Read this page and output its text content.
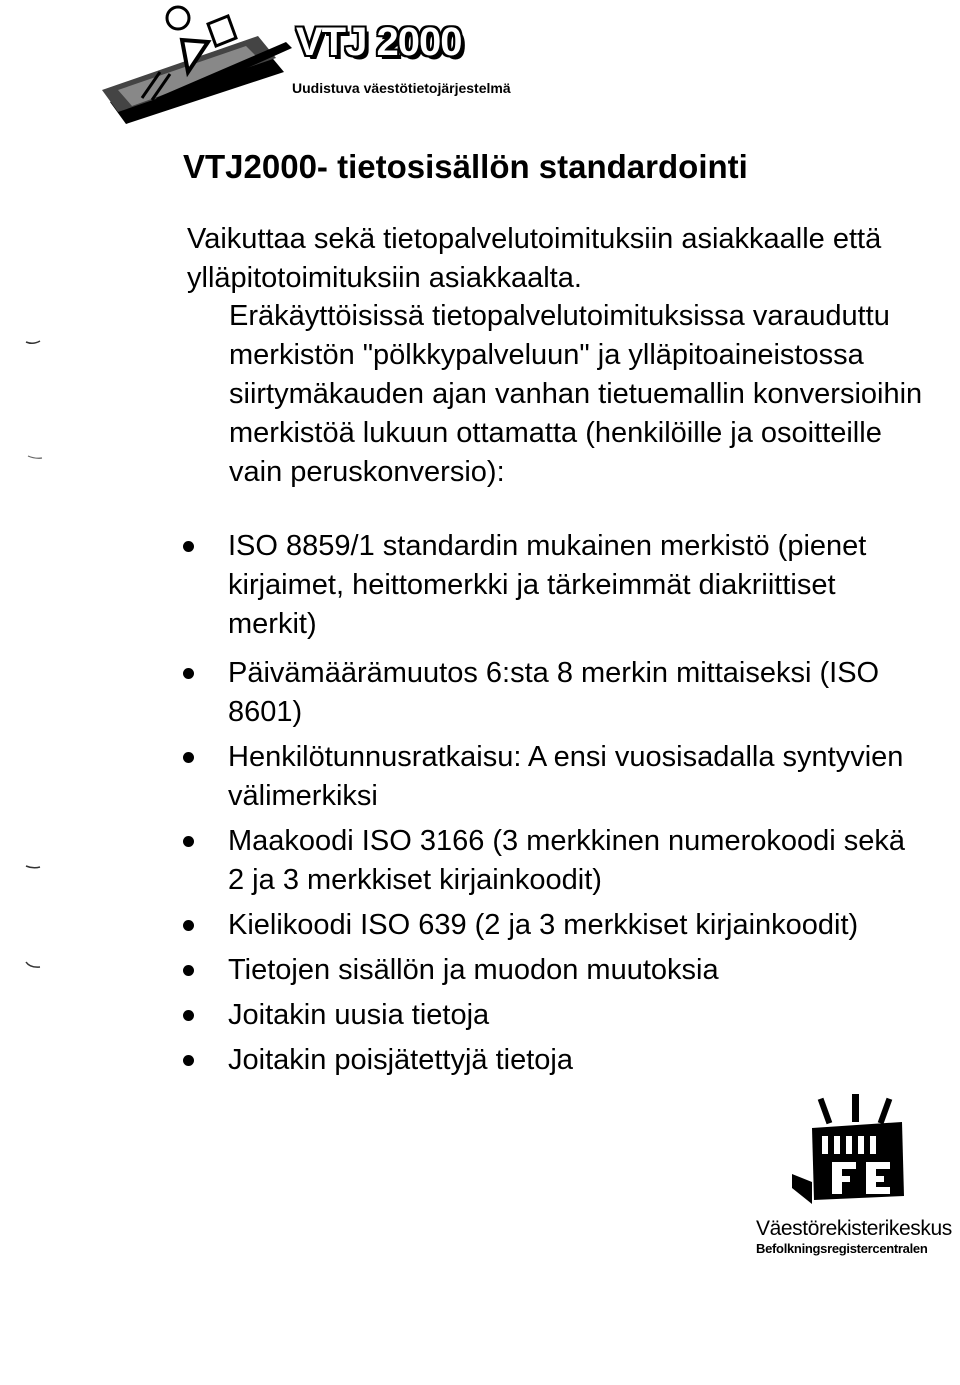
VTJ 2000
Uudistuva väestötietojärjestelmä
VTJ2000- tietosisällön standardointi

Vaikuttaa sekä tietopalvelutoimituksiin asiakkaalle että ylläpitotoimituksiin asiakkaalta.

Eräkäyttöisissä tietopalvelutoimituksissa varauduttu merkistön "pölkkypalveluun" ja ylläpitoaineistossa siirtymäkauden ajan vanhan tietuemallin konversioihin merkistöä lukuun ottamatta (henkilöille ja osoitteille vain peruskonversio):

ISO 8859/1 standardin mukainen merkistö (pienet kirjaimet, heittomerkki ja tärkeimmät diakriittiset merkit)
Päivämäärämuutos 6:sta 8 merkin mittaiseksi (ISO 8601)
Henkilötunnusratkaisu: A ensi vuosisadalla syntyvien välimerkiksi
Maakoodi ISO 3166 (3 merkkinen numerokoodi sekä 2 ja 3 merkkiset kirjainkoodit)
Kielikoodi ISO 639 (2 ja 3 merkkiset kirjainkoodit)
Tietojen sisällön ja muodon muutoksia
Joitakin uusia tietoja
Joitakin poisjätettyjä tietoja
Väestörekisterikeskus
Befolkningsregistercentralen
